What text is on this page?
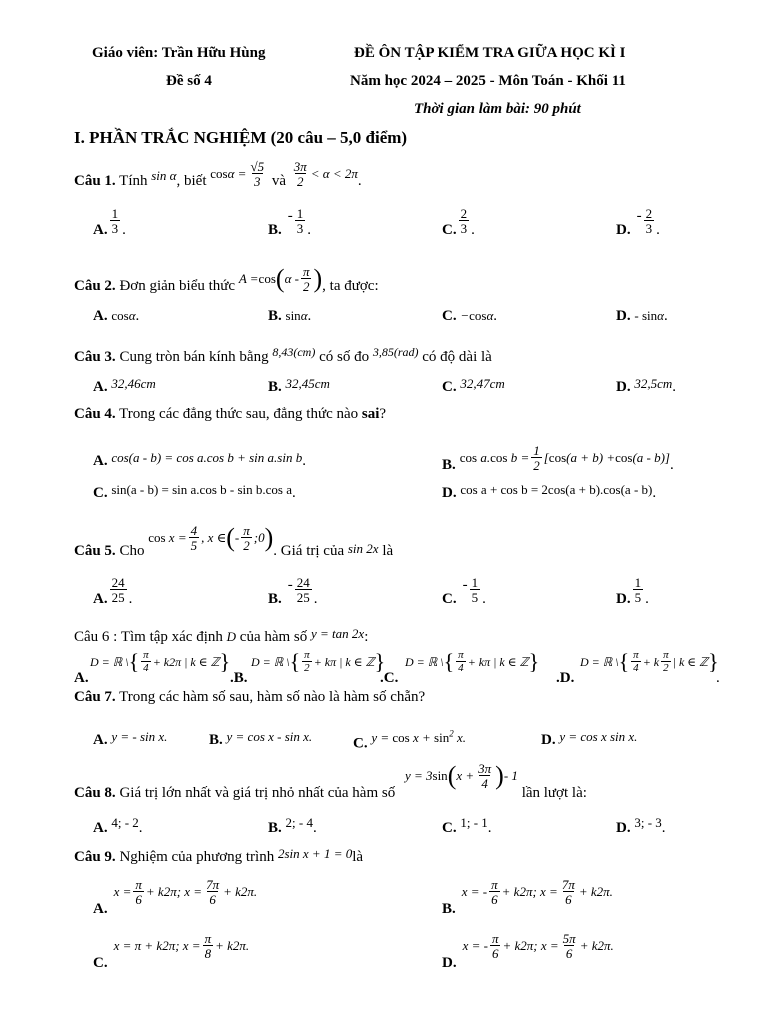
Giáo viên: Trần Hữu Hùng	ĐỀ ÔN TẬP KIỂM TRA GIỮA HỌC KÌ I
Đề số 4	Năm học 2024 – 2025 - Môn Toán - Khối 11
Thời gian làm bài: 90 phút
I. PHẦN TRẮC NGHIỆM (20 câu – 5,0 điểm)
Câu 1. Tính sin α , biết $\cos \alpha = \frac{√5}{3}$ và $\frac{3\pi}{2} < \alpha < 2\pi$ .
A. $\frac{1}{3}$ .	B.
- $\frac{1}{3}$ .	C. $\frac{2}{3}$ .	D.
- $\frac{2}{3}$ .
Câu 2. Đơn giản biểu thức A = cos ( α - $\frac{\pi}{2}$ ) , ta được:
A. cosα.	B. sinα.	C. −cosα.	D. - sinα.
Câu 3. Cung tròn bán kính bằng $^{8,43(cm)}$ có số đo $^{3,85(rad)}$ có độ dài là
A. 32,46cm	B. 32,45cm	C. 32,47cm	D. 32,5cm.
Câu 4. Trong các đẳng thức sau, đẳng thức nào sai?
A. cos(a - b) = cos a.cos b + sin a.sin b.	B. cos a. $\cos b = \frac{1}{2}$ [ cos (a + b) + cos (a - b)] .
C. sin(a - b) = sin a.cos b - sin b.cos a.	D. cos a + cos b = 2cos(a + b).cos(a - b).
Câu 5. Cho
$\cos x = \frac{4}{5}$ , x ∈ ( - $\frac{\pi}{2}$ ;0 ) . Giá trị của sin 2x là
A. $\frac{24}{25}$ .	B.
- $\frac{24}{25}$ .	C.
- $\frac{1}{5}$ .	D. $\frac{1}{5}$ .
Câu 6 : Tìm tập xác định D của hàm số y = tan 2x:
A.
D = ℝ \ { $\frac{\pi}{4} + k2\pi$ | k ∈ ℤ }
.B.
D = ℝ \ { $\frac{\pi}{2} + k\pi$ | k ∈ ℤ }
.C.
D = ℝ \ { $\frac{\pi}{4} + k\pi$ | k ∈ ℤ }
.D.
D = ℝ \ { $\frac{\pi}{4} + k \frac{\pi}{2}$ | k ∈ ℤ }
.
Câu 7. Trong các hàm số sau, hàm số nào là hàm số chẵn?
A. y = - sin x.	B. y = cos x - sin x.	C. $y = \cos x + \sin^2 x$.	D. y = cos x sin x.
Câu 8. Giá trị lớn nhất và giá trị nhỏ nhất của hàm số
y = 3 sin ( $x + \frac{3\pi}{4}$ ) - 1
lần lượt là:
A. 4; - 2.	B. 2; - 4.	C. 1; - 1.	D. 3; - 3.
Câu 9. Nghiệm của phương trình 2sin x + 1 = 0là
A.
$x = \frac{\pi}{6} + k2\pi$; $x = \frac{7\pi}{6} + k2\pi$.
B.
x = - $\frac{\pi}{6} + k2\pi$; $x = \frac{7\pi}{6} + k2\pi$.
C.
x = π + k2π; $x = \frac{\pi}{8} + k2\pi$.
D.
x = - $\frac{\pi}{6} + k2\pi$; $x = \frac{5\pi}{6} + k2\pi$.
